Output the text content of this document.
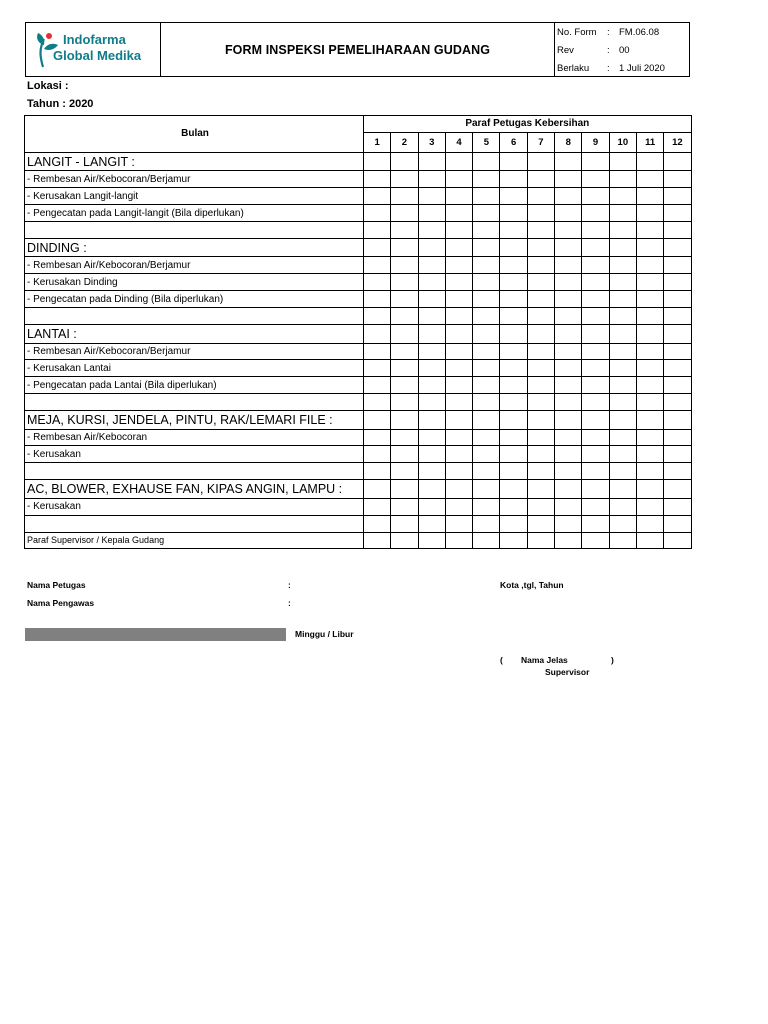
Indofarma
Global Medika	FORM INSPEKSI PEMELIHARAAN GUDANG
No. Form	: FM.06.08
Rev	: 00
Berlaku	: 1 Juli 2020
Lokasi :
Tahun : 2020
Bulan	Paraf Petugas Kebersihan											
	1	2	3	4	5	6	7	8	9	10	11	12
LANGIT - LANGIT :												
- Rembesan Air/Kebocoran/Berjamur												
- Kerusakan Langit-langit												
- Pengecatan pada Langit-langit (Bila diperlukan)												

DINDING :												
- Rembesan Air/Kebocoran/Berjamur												
- Kerusakan Dinding												
- Pengecatan pada Dinding (Bila diperlukan)												

LANTAI :												
- Rembesan Air/Kebocoran/Berjamur												
- Kerusakan Lantai												
- Pengecatan pada Lantai (Bila diperlukan)												

MEJA, KURSI, JENDELA, PINTU, RAK/LEMARI FILE :												
- Rembesan Air/Kebocoran												
- Kerusakan												

AC, BLOWER, EXHAUSE FAN, KIPAS ANGIN, LAMPU :												
- Kerusakan												

Paraf Supervisor / Kepala Gudang												
Nama Petugas	:	Kota ,tgl, Tahun
Nama Pengawas	:
Minggu / Libur
( Nama Jelas	)
Supervisor
